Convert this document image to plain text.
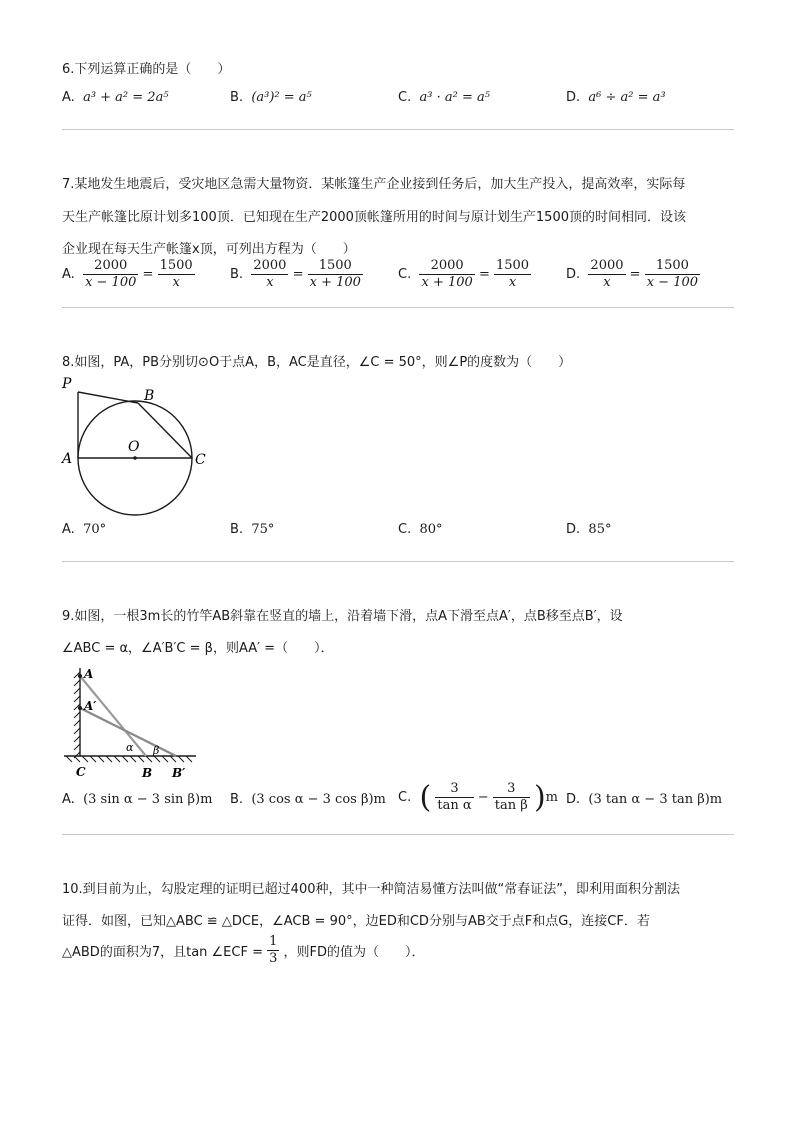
6.下列运算正确的是（　　）
A. a³ + a² = 2a⁵	B. (a³)² = a⁵	C. a³ · a² = a⁵	D. a⁶ ÷ a² = a³
7.某地发生地震后，受灾地区急需大量物资．某帐篷生产企业接到任务后，加大生产投入，提高效率，实际每
天生产帐篷比原计划多100顶．已知现在生产2000顶帐篷所用的时间与原计划生产1500顶的时间相同．设该
企业现在每天生产帐篷x顶，可列出方程为（　　）
A. $\frac{2000}{x - 100} = \frac{1500}{x}$	B. $\frac{2000}{x} = \frac{1500}{x + 100}$	C. $\frac{2000}{x + 100} = \frac{1500}{x}$	D. $\frac{2000}{x} = \frac{1500}{x - 100}$
8.如图，PA，PB分别切⊙O于点A，B，AC是直径，∠C = 50°，则∠P的度数为（　　）
P
B
O
A	C
A. 70°	B. 75°	C. 80°	D. 85°
9.如图，一根3m长的竹竿AB斜靠在竖直的墙上，沿着墙下滑，点A下滑至点A′，点B移至点B′，设
∠ABC = α，∠A′B′C = β，则AA′ =（　　）．
A
A′
α β
C	B B′
A. (3 sin α − 3 sin β)m B. (3 cos α − 3 cos β)m C. ( $\frac{3}{\text{tan α}} - \frac{3}{\text{tan β}} )m$ D. (3 tan α − 3 tan β)m
10.到目前为止，勾股定理的证明已超过400种，其中一种简洁易懂方法叫做“常春证法”，即利用面积分割法
证得．如图，已知△ABC ≌ △DCE，∠ACB = 90°，边ED和CD分别与AB交于点F和点G，连接CF．若
△ABD的面积为7，且tan ∠ECF = $\frac{1}{3}$ ，则FD的值为（　　）．
